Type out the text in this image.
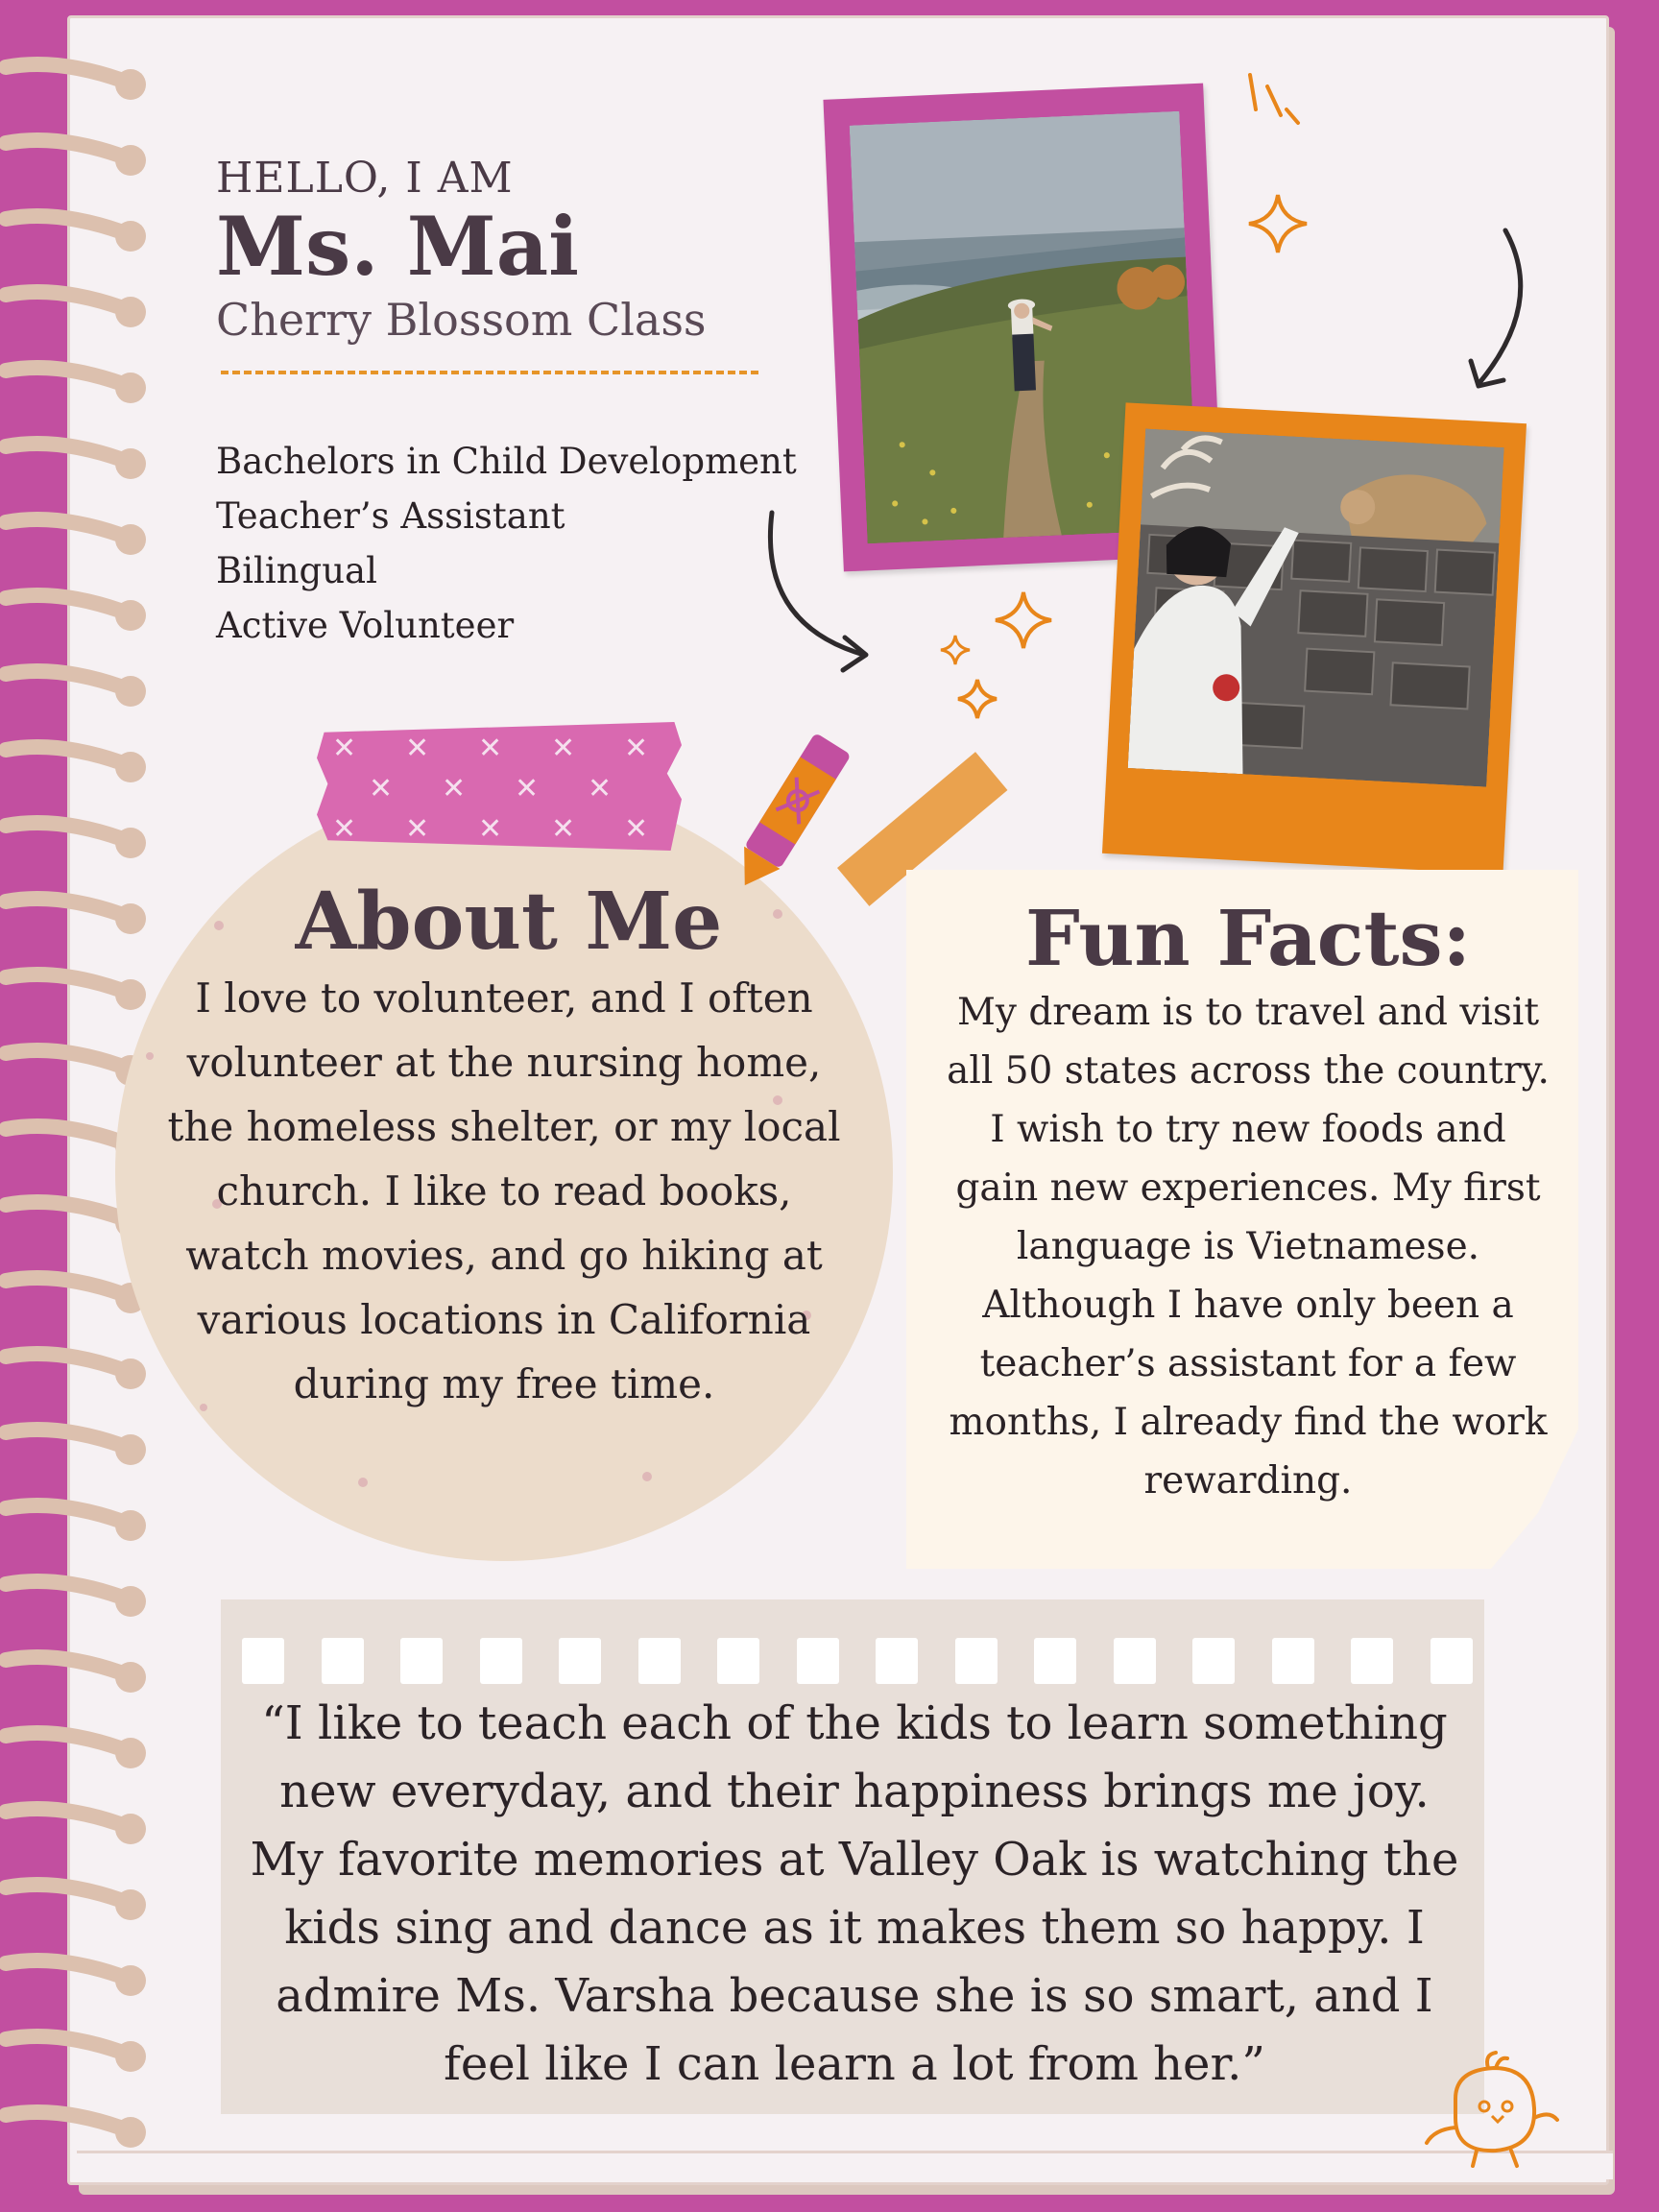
HELLO, I AM
Ms. Mai
Cherry Blossom Class
Bachelors in Child Development
Teacher’s Assistant
Bilingual
Active Volunteer
✕ ✕ ✕ ✕ ✕
✕ ✕ ✕ ✕
✕ ✕ ✕ ✕ ✕
About Me
I love to volunteer, and I often volunteer at the nursing home, the homeless shelter, or my local church. I like to read books, watch movies, and go hiking at various locations in California during my free time.
Fun Facts:
My dream is to travel and visit all 50 states across the country. I wish to try new foods and gain new experiences. My first language is Vietnamese. Although I have only been a teacher’s assistant for a few months, I already find the work rewarding.
“I like to teach each of the kids to learn something new everyday, and their happiness brings me joy. My favorite memories at Valley Oak is watching the kids sing and dance as it makes them so happy. I admire Ms. Varsha because she is so smart, and I feel like I can learn a lot from her.”
